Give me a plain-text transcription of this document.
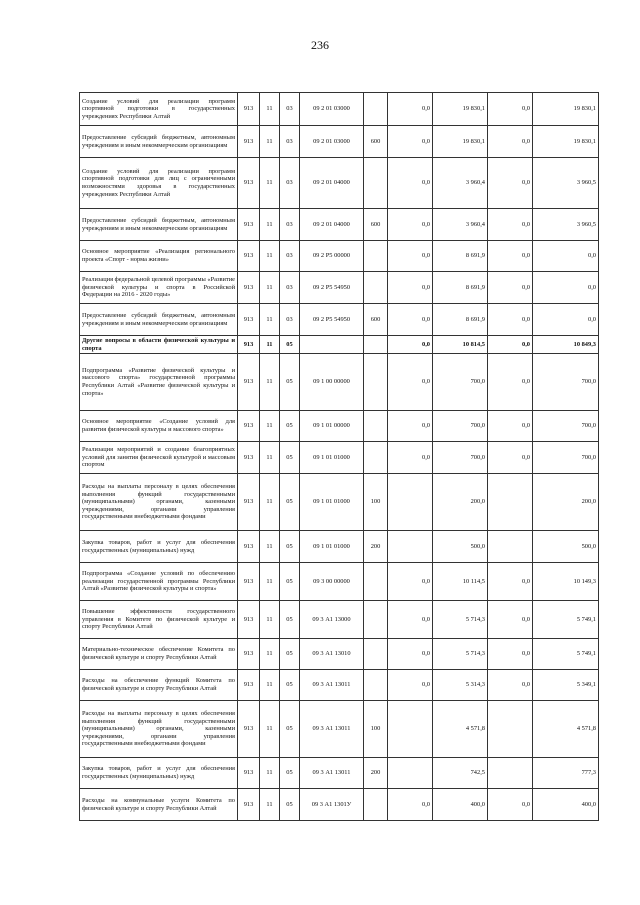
236
Создание условий для реализации программ спортивной подготовки в государственных учреждениях Республики Алтай	913	11	03	09 2 01 03000		0,0	19 830,1	0,0	19 830,1
Предоставление субсидий бюджетным, автономным учреждениям и иным некоммерческим организациям	913	11	03	09 2 01 03000	600	0,0	19 830,1	0,0	19 830,1
Создание условий для реализации программ спортивной подготовки для лиц с ограниченными возможностями здоровья в государственных учреждениях Республики Алтай	913	11	03	09 2 01 04000		0,0	3 960,4	0,0	3 960,5
Предоставление субсидий бюджетным, автономным учреждениям и иным некоммерческим организациям	913	11	03	09 2 01 04000	600	0,0	3 960,4	0,0	3 960,5
Основное мероприятие «Реализация регионального проекта «Спорт - норма жизни»	913	11	03	09 2 P5 00000		0,0	8 691,9	0,0	0,0
Реализация федеральной целевой программы «Развитие физической культуры и спорта в Российской Федерации на 2016 - 2020 годы»	913	11	03	09 2 P5 54950		0,0	8 691,9	0,0	0,0
Предоставление субсидий бюджетным, автономным учреждениям и иным некоммерческим организациям	913	11	03	09 2 P5 54950	600	0,0	8 691,9	0,0	0,0
Другие вопросы в области физической культуры и спорта	913	11	05			0,0	10 814,5	0,0	10 849,3
Подпрограмма «Развитие физической культуры и массового спорта» государственной программы Республики Алтай «Развитие физической культуры и спорта»	913	11	05	09 1 00 00000		0,0	700,0	0,0	700,0
Основное мероприятие «Создание условий для развития физической культуры и массового спорта»	913	11	05	09 1 01 00000		0,0	700,0	0,0	700,0
Реализация мероприятий и создание благоприятных условий для занятия физической культурой и массовым спортом	913	11	05	09 1 01 01000		0,0	700,0	0,0	700,0
Расходы на выплаты персоналу в целях обеспечения выполнения функций государственными (муниципальными) органами, казенными учреждениями, органами управления государственными внебюджетными фондами	913	11	05	09 1 01 01000	100		200,0		200,0
Закупка товаров, работ и услуг для обеспечения государственных (муниципальных) нужд	913	11	05	09 1 01 01000	200		500,0		500,0
Подпрограмма «Создание условий по обеспечению реализации государственной программы Республики Алтай «Развитие физической культуры и спорта»	913	11	05	09 3 00 00000		0,0	10 114,5	0,0	10 149,3
Повышение эффективности государственного управления в Комитете по физической культуре и спорту Республики Алтай	913	11	05	09 3 А1 13000		0,0	5 714,3	0,0	5 749,1
Материально-техническое обеспечение Комитета по физической культуре и спорту Республики Алтай	913	11	05	09 3 А1 13010		0,0	5 714,3	0,0	5 749,1
Расходы на обеспечение функций Комитета по физической культуре и спорту Республики Алтай	913	11	05	09 3 А1 13011		0,0	5 314,3	0,0	5 349,1
Расходы на выплаты персоналу в целях обеспечения выполнения функций государственными (муниципальными) органами, казенными учреждениями, органами управления государственными внебюджетными фондами	913	11	05	09 3 А1 13011	100		4 571,8		4 571,8
Закупка товаров, работ и услуг для обеспечения государственных (муниципальных) нужд	913	11	05	09 3 А1 13011	200		742,5		777,3
Расходы на коммунальные услуги Комитета по физической культуре и спорту Республики Алтай	913	11	05	09 3 А1 1301У		0,0	400,0	0,0	400,0
